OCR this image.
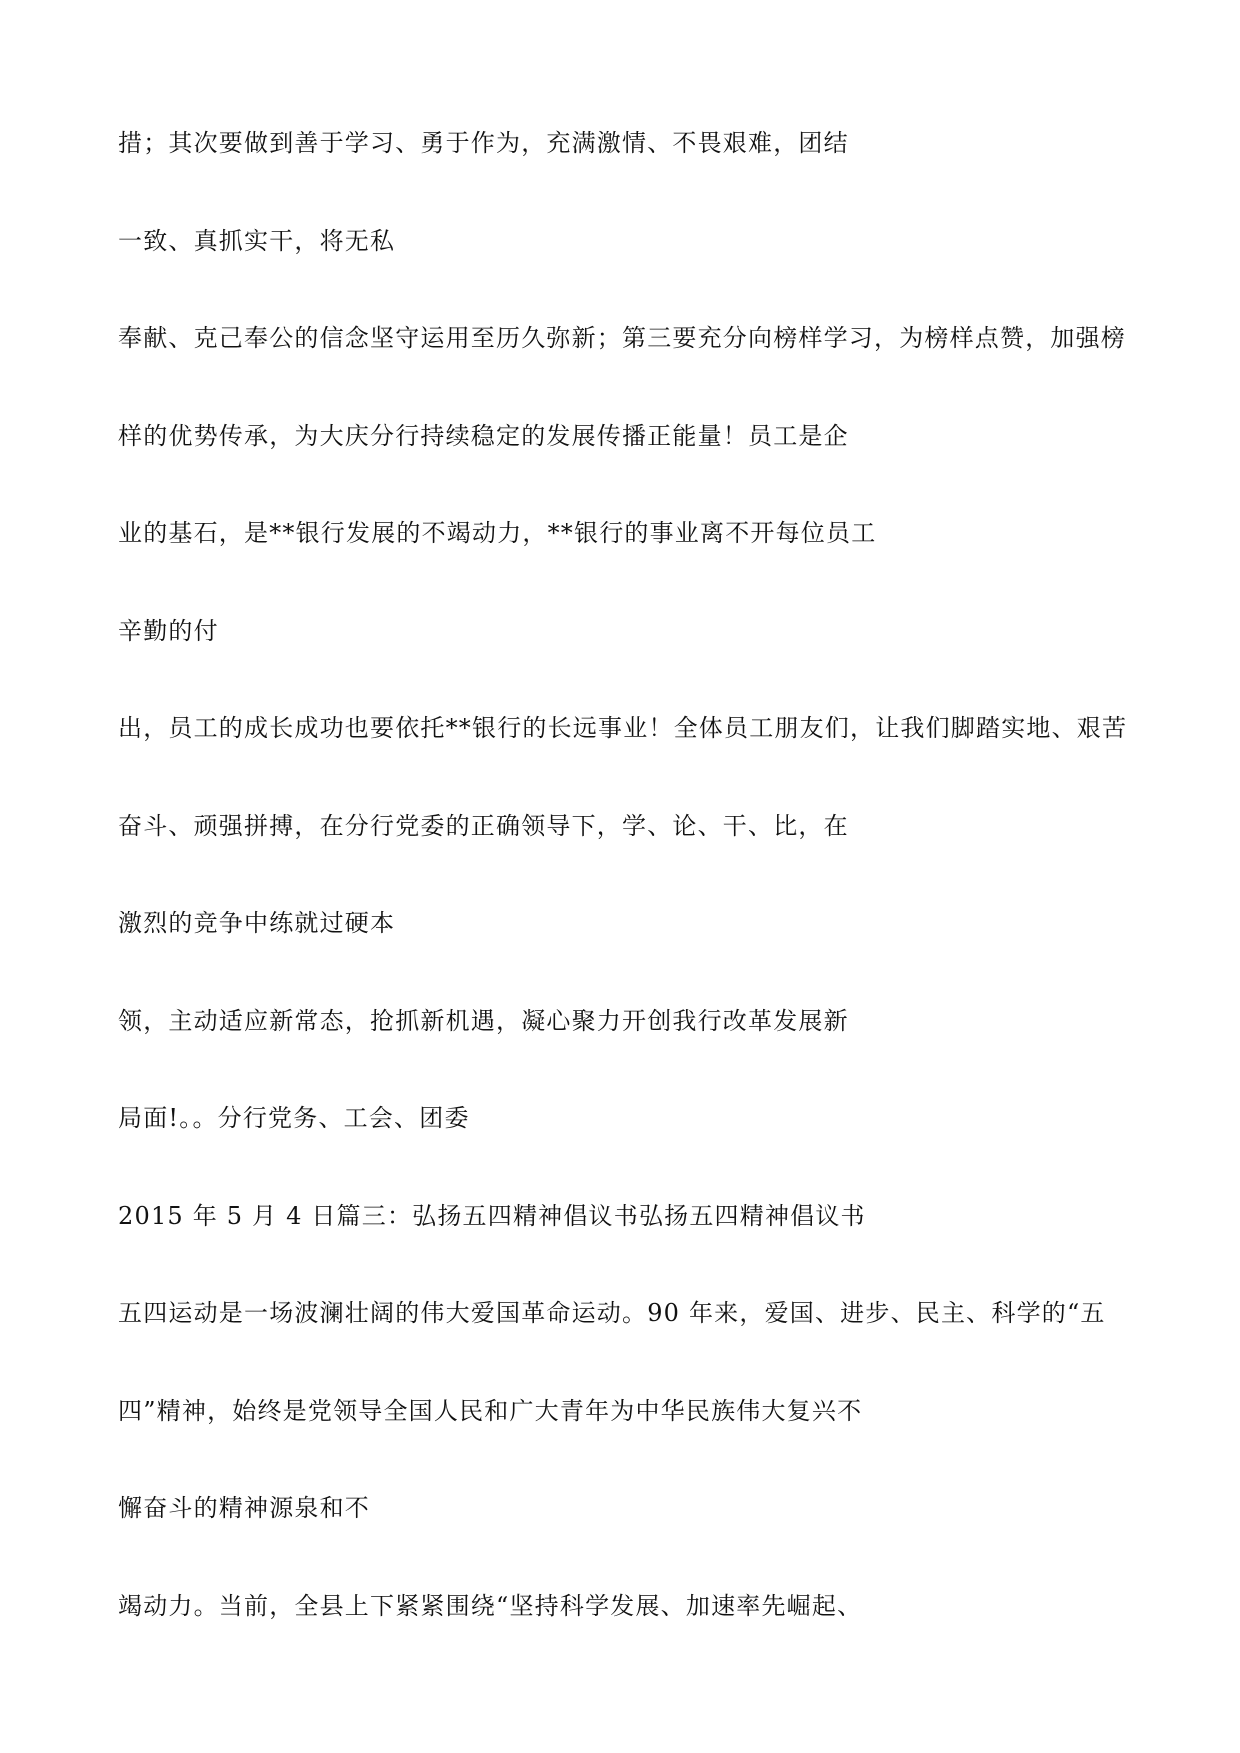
措；其次要做到善于学习、勇于作为，充满激情、不畏艰难，团结
一致、真抓实干，将无私
奉献、克己奉公的信念坚守运用至历久弥新；第三要充分向榜样学习，为榜样点赞，加强榜
样的优势传承，为大庆分行持续稳定的发展传播正能量！员工是企
业的基石，是**银行发展的不竭动力，**银行的事业离不开每位员工
辛勤的付
出，员工的成长成功也要依托**银行的长远事业！全体员工朋友们，让我们脚踏实地、艰苦
奋斗、顽强拼搏，在分行党委的正确领导下，学、论、干、比，在
激烈的竞争中练就过硬本
领，主动适应新常态，抢抓新机遇，凝心聚力开创我行改革发展新
局面!。。分行党务、工会、团委
2015 年 5 月 4 日篇三：弘扬五四精神倡议书弘扬五四精神倡议书
五四运动是一场波澜壮阔的伟大爱国革命运动。90 年来，爱国、进步、民主、科学的“五
四”精神，始终是党领导全国人民和广大青年为中华民族伟大复兴不
懈奋斗的精神源泉和不
竭动力。当前，全县上下紧紧围绕“坚持科学发展、加速率先崛起、
